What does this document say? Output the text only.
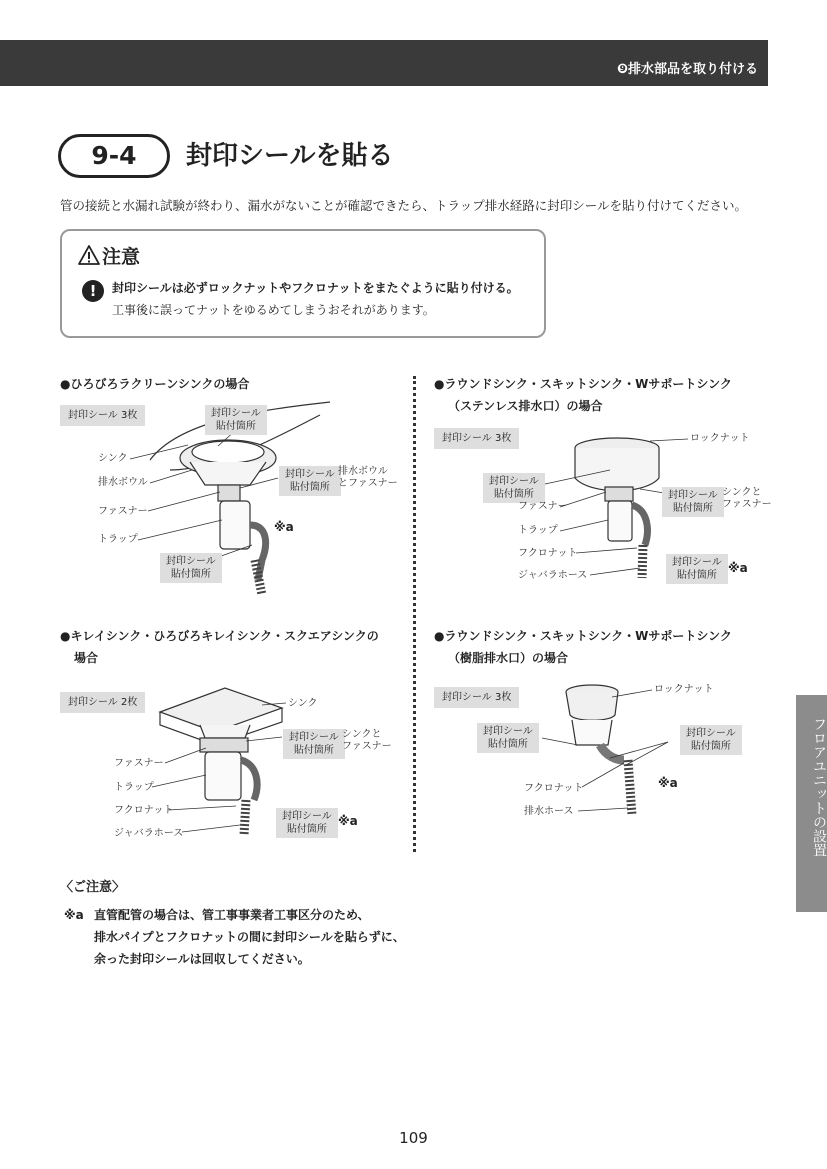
❾排水部品を取り付ける
9-4	封印シールを貼る
管の接続と水漏れ試験が終わり、漏水がないことが確認できたら、トラップ排水経路に封印シールを貼り付けてください。
注意
!	封印シールは必ずロックナットやフクロナットをまたぐように貼り付ける。
工事後に誤ってナットをゆるめてしまうおそれがあります。
●ひろびろラクリーンシンクの場合
封印シール 3枚	封印シール
貼付箇所
封印シール
貼付箇所
排水ボウル
とファスナー
シンク
排水ボウル
ファスナー
トラップ
※a
封印シール
貼付箇所
●ラウンドシンク・スキットシンク・Wサポートシンク
（ステンレス排水口）の場合
封印シール 3枚	ロックナット
封印シール
貼付箇所	封印シール
貼付箇所
シンクと
ファスナー
ファスナー
トラップ
フクロナット
ジャバラホース
封印シール
貼付箇所
※a
●キレイシンク・ひろびろキレイシンク・スクエアシンクの
場合
封印シール 2枚	シンク
封印シール
貼付箇所
シンクと
ファスナー
ファスナー
トラップ
フクロナット
ジャバラホース
封印シール
貼付箇所
※a
●ラウンドシンク・スキットシンク・Wサポートシンク
（樹脂排水口）の場合
封印シール 3枚
ロックナット
封印シール
貼付箇所
封印シール
貼付箇所
※a
フクロナット
排水ホース
〈ご注意〉
※a 直管配管の場合は、管工事事業者工事区分のため、
排水パイプとフクロナットの間に封印シールを貼らずに、
余った封印シールは回収してください。
フロアユニットの設置
109
